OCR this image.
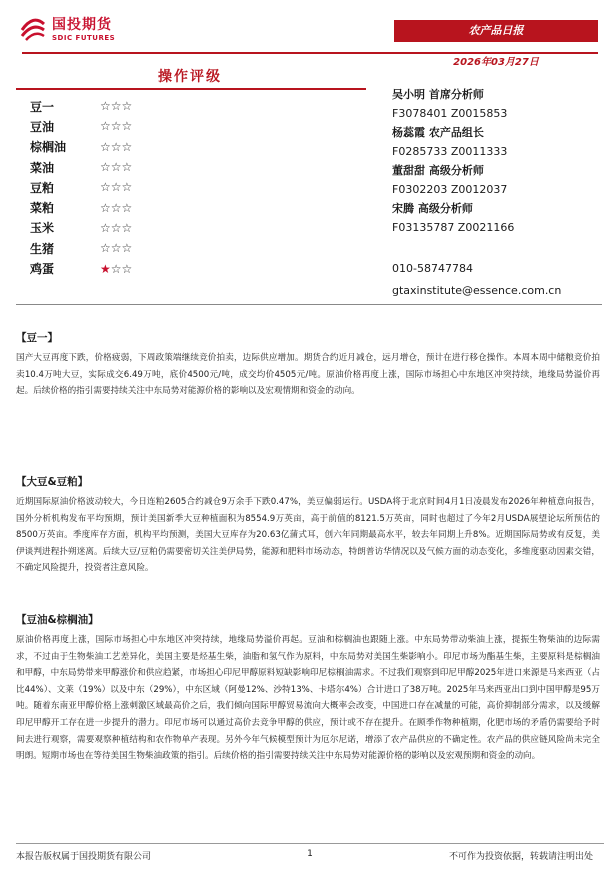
国投期货
SDIC FUTURES
农产品日报
2026年03月27日
操作评级
豆一	☆☆☆
豆油	☆☆☆
棕榈油	☆☆☆
菜油	☆☆☆
豆粕	☆☆☆
菜粕	☆☆☆
玉米	☆☆☆
生猪	☆☆☆
鸡蛋	★☆☆
吴小明 首席分析师
F3078401 Z0015853
杨蕊霞 农产品组长
F0285733 Z0011333
董甜甜 高级分析师
F0302203 Z0012037
宋腾 高级分析师
F03135787 Z0021166
010-58747784
gtaxinstitute@essence.com.cn
【豆一】
国产大豆再度下跌，价格疲弱，下周政策端继续竞价拍卖，边际供应增加。期货合约近月减仓，远月增仓，预计在进行移仓操作。本周本周中储粮竞价拍卖10.4万吨大豆，实际成交6.49万吨，底价4500元/吨，成交均价4505元/吨。原油价格再度上涨，国际市场担心中东地区冲突持续，地缘局势溢价再起。后续价格的指引需要持续关注中东局势对能源价格的影响以及宏观情期和资金的动向。
【大豆&豆粕】
近期国际原油价格波动较大，今日连粕2605合约减仓9万余手下跌0.47%，美豆偏弱运行。USDA将于北京时间4月1日凌晨发布2026年种植意向报告，国外分析机构发布平均预期，预计美国新季大豆种植面积为8554.9万英亩，高于前值的8121.5万英亩，同时也超过了今年2月USDA展望论坛所预估的8500万英亩。季度库存方面，机构平均预测，美国大豆库存为20.63亿蒲式耳，创六年同期最高水平，较去年同期上升8%。近期国际局势或有反复，美伊谈判进程扑朔迷离。后续大豆/豆粕仍需要密切关注美伊局势，能源和肥料市场动态，特朗普访华情况以及气候方面的动态变化，多维度驱动因素交错，不确定风险提升，投资者注意风险。
【豆油&棕榈油】
原油价格再度上涨，国际市场担心中东地区冲突持续，地缘局势溢价再起。豆油和棕榈油也跟随上涨。中东局势带动柴油上涨，提振生物柴油的边际需求，不过由于生物柴油工艺差异化，美国主要是烃基生柴，油脂和氢气作为原料，中东局势对美国生柴影响小。印尼市场为酯基生柴，主要原料是棕榈油和甲醇，中东局势带来甲醇涨价和供应趋紧，市场担心印尼甲醇原料短缺影响印尼棕榈油需求。不过我们观察到印尼甲醇2025年进口来源是马来西亚（占比44%）、文莱（19%）以及中东（29%），中东区域（阿曼12%、沙特13%、卡塔尔4%）合计进口了38万吨。2025年马来西亚出口到中国甲醇是95万吨。随着东南亚甲醇价格上涨刺激区域最高价之后，我们倾向国际甲醇贸易流向大概率会改变，中国进口存在减量的可能，高价抑制部分需求，以及缓解印尼甲醇开工存在进一步提升的潜力。印尼市场可以通过高价去竞争甲醇的供应，预计或不存在提升。在顾季作物种植期，化肥市场的矛盾仍需要给予时间去进行观察，需要观察种植结构和农作物单产表现。另外今年气候模型预计为厄尔尼诺，增添了农产品供应的不确定性。农产品的供应链风险尚未完全明朗。短期市场也在等待美国生物柴油政策的指引。后续价格的指引需要持续关注中东局势对能源价格的影响以及宏观预期和资金的动向。
本报告版权属于国投期货有限公司	1	不可作为投资依据，转载请注明出处
